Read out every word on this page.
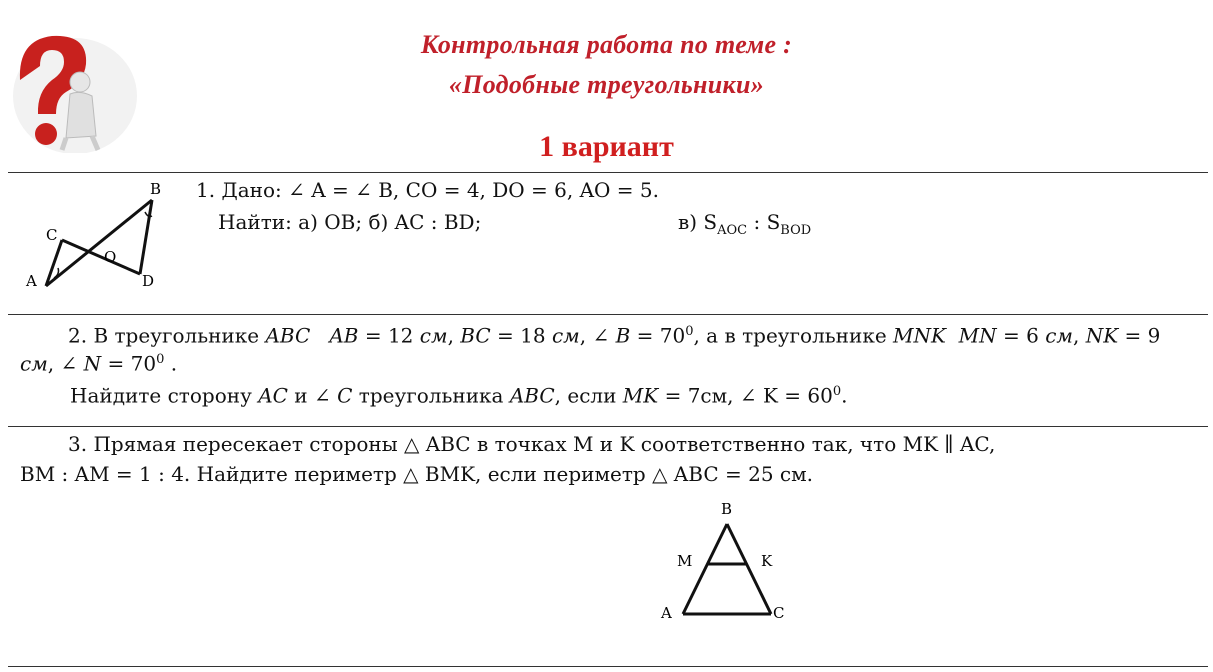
Контрольная работа по теме :
«Подобные треугольники»
1 вариант
A
C
B
D
O
1. Дано: ∠ A = ∠ B, CO = 4, DO = 6, AO = 5.
Найти: а) OB; б) AC : BD;	в) $S_{AOC}$ : $S_{BOD}$
2. В треугольнике ABC AB = 12 см, BC = 18 см, ∠ $B = 70^0$, а в треугольнике MNK MN = 6 см, NK = 9
см, ∠ $N = 70^0$ .
Найдите сторону AC и ∠ C треугольника ABC, если MK = 7см, ∠ $K = 60^0$.
3. Прямая пересекает стороны △ ABC в точках M и K соответственно так, что MK ∥ AC,
BM : AM = 1 : 4. Найдите периметр △ BMK, если периметр △ ABC = 25 см.
B
M	K
A	C
